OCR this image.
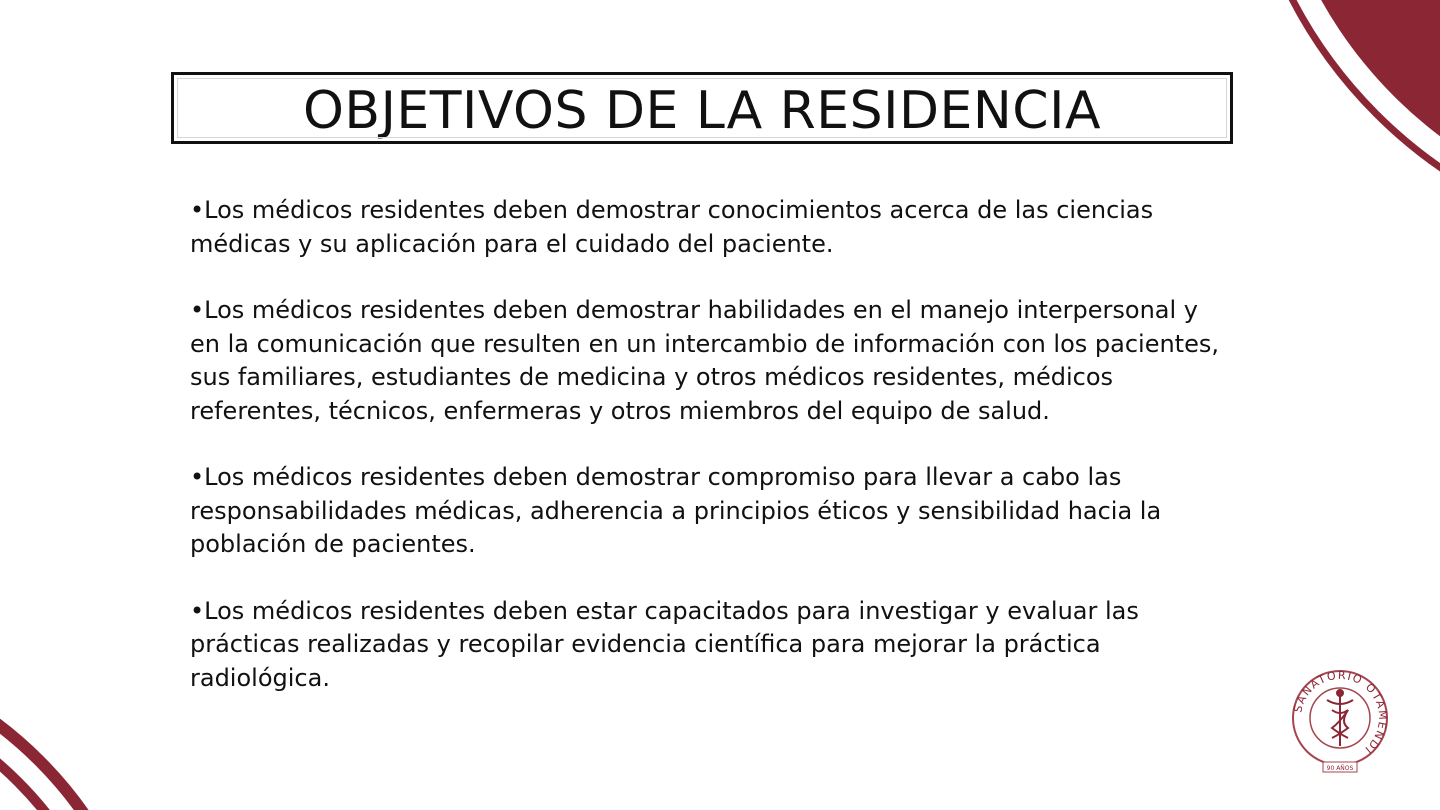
OBJETIVOS DE LA RESIDENCIA

•Los médicos residentes deben demostrar conocimientos acerca de las ciencias médicas y su aplicación para el cuidado del paciente.

•Los médicos residentes deben demostrar habilidades en el manejo interpersonal y en la comunicación que resulten en un intercambio de información con los pacientes, sus familiares, estudiantes de medicina y otros médicos residentes, médicos referentes, técnicos, enfermeras y otros miembros del equipo de salud.

•Los médicos residentes deben demostrar compromiso para llevar a cabo las responsabilidades médicas, adherencia a principios éticos y sensibilidad hacia la población de pacientes.

•Los médicos residentes deben estar capacitados para investigar y evaluar las prácticas realizadas y recopilar evidencia científica para mejorar la práctica radiológica.

SANATORIO OTAMENDI
90 AÑOS
